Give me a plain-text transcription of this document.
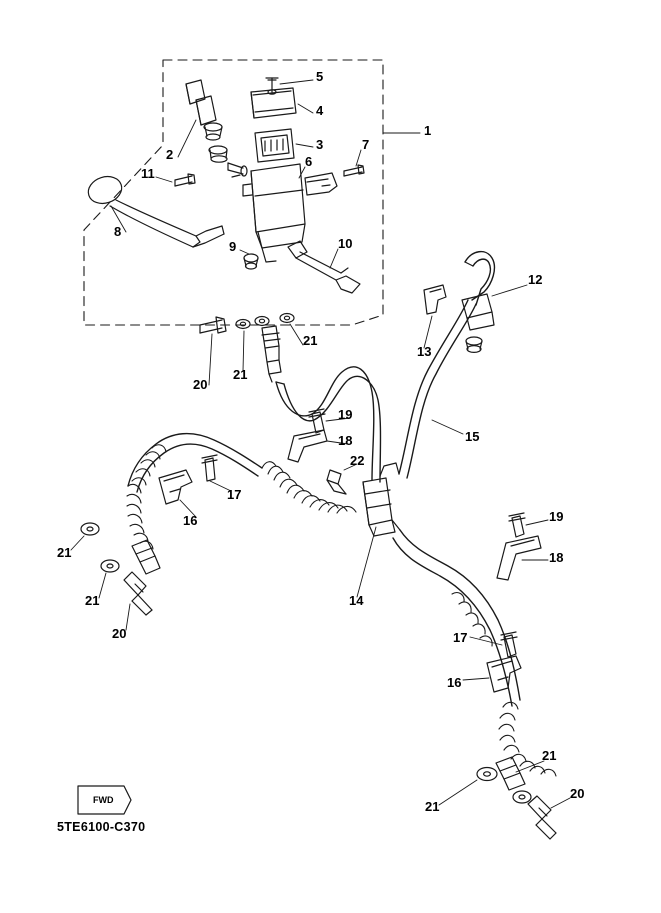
1
2
3
4
5
6
7
8
9	10
11
12
13
14
15
16
17
18
19
20
21
21
22
21
21
20
19
18
17
16
21
21
20
FWD
5TE6100-C370
